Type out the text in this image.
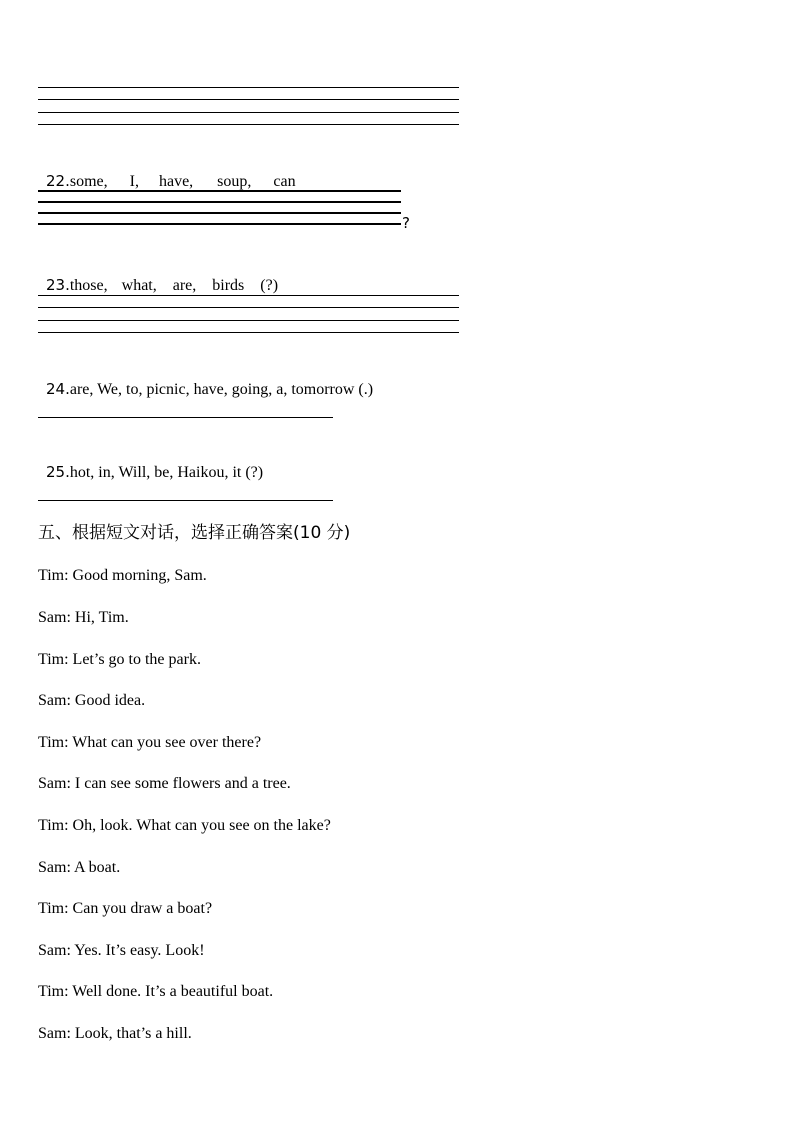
22.some, I, have, soup, can

?

23.those, what, are, birds (?)

24.are, We, to, picnic, have, going, a, tomorrow (.)

25.hot, in, Will, be, Haikou, it (?)

五、根据短文对话，选择正确答案(10 分)
Tim: Good morning, Sam.
Sam: Hi, Tim.
Tim: Let’s go to the park.
Sam: Good idea.
Tim: What can you see over there?
Sam: I can see some flowers and a tree.
Tim: Oh, look. What can you see on the lake?
Sam: A boat.
Tim: Can you draw a boat?
Sam: Yes. It’s easy. Look!
Tim: Well done. It’s a beautiful boat.
Sam: Look, that’s a hill.
